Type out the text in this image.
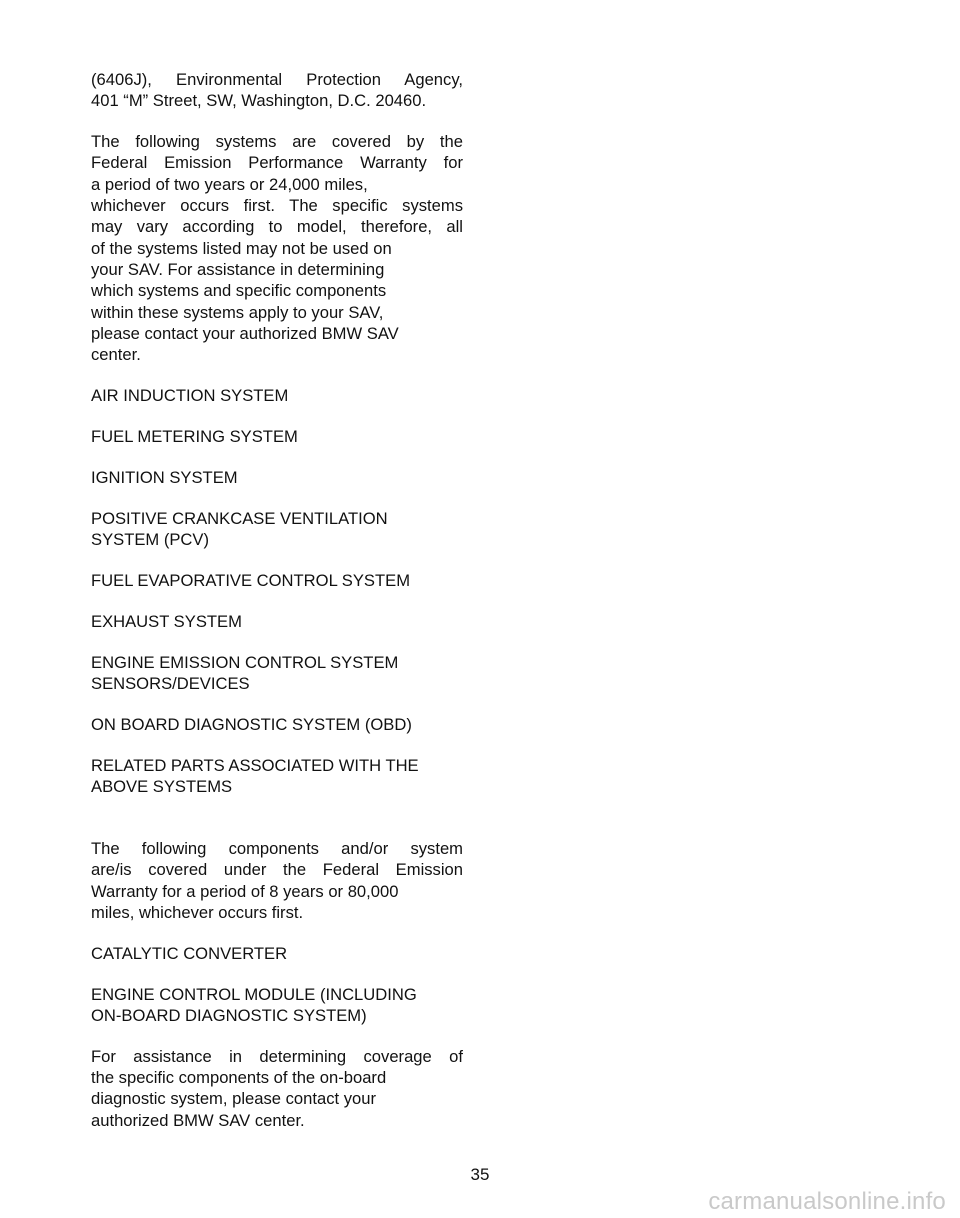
(6406J), Environmental Protection Agency,
401 “M” Street, SW, Washington, D.C. 20460.
The following systems are covered by the
Federal Emission Performance Warranty for
a period of two years or 24,000 miles,
whichever occurs first. The specific systems
may vary according to model, therefore, all
of the systems listed may not be used on
your SAV. For assistance in determining
which systems and specific components
within these systems apply to your SAV,
please contact your authorized BMW SAV
center.
AIR INDUCTION SYSTEM
FUEL METERING SYSTEM
IGNITION SYSTEM
POSITIVE CRANKCASE VENTILATION
SYSTEM (PCV)
FUEL EVAPORATIVE CONTROL SYSTEM
EXHAUST SYSTEM
ENGINE EMISSION CONTROL SYSTEM
SENSORS/DEVICES
ON BOARD DIAGNOSTIC SYSTEM (OBD)
RELATED PARTS ASSOCIATED WITH THE
ABOVE SYSTEMS
The following components and/or system
are/is covered under the Federal Emission
Warranty for a period of 8 years or 80,000
miles, whichever occurs first.
CATALYTIC CONVERTER
ENGINE CONTROL MODULE (INCLUDING
ON-BOARD DIAGNOSTIC SYSTEM)
For assistance in determining coverage of
the specific components of the on-board
diagnostic system, please contact your
authorized BMW SAV center.
35
carmanualsonline.info
